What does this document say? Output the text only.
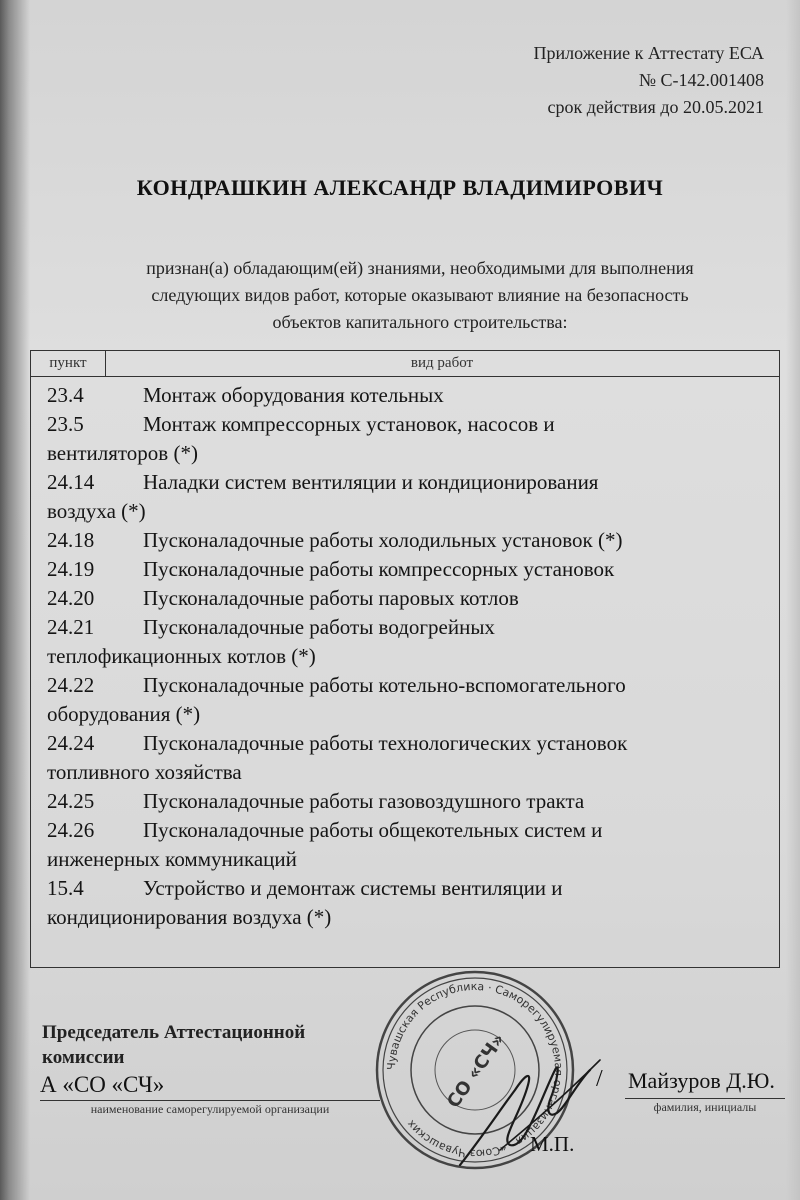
Приложение к Аттестату ЕСА
№ С-142.001408
срок действия до 20.05.2021
КОНДРАШКИН АЛЕКСАНДР ВЛАДИМИРОВИЧ
признан(а) обладающим(ей) знаниями, необходимыми для выполнения
следующих видов работ, которые оказывают влияние на безопасность
объектов капитального строительства:
пункт	вид работ
23.4	Монтаж оборудования котельных
23.5	Монтаж компрессорных установок, насосов и
вентиляторов (*)
24.14 Наладки систем вентиляции и кондиционирования
воздуха (*)
24.18 Пусконаладочные работы холодильных установок (*)
24.19 Пусконаладочные работы компрессорных установок
24.20 Пусконаладочные работы паровых котлов
24.21 Пусконаладочные работы водогрейных
теплофикационных котлов (*)
24.22 Пусконаладочные работы котельно-вспомогательного
оборудования (*)
24.24 Пусконаладочные работы технологических установок
топливного хозяйства
24.25 Пусконаладочные работы газовоздушного тракта
24.26 Пусконаладочные работы общекотельных систем и
инженерных коммуникаций
15.4	Устройство и демонтаж системы вентиляции и
кондиционирования воздуха (*)
Председатель Аттестационной
комиссии
А «СО «СЧ»
наименование саморегулируемой организации
/ Майзуров Д.Ю.
фамилия, инициалы
Чувашская Республика · Саморегулируемая организация · «Союз Чувашских
СО «СЧ»
М.П.
